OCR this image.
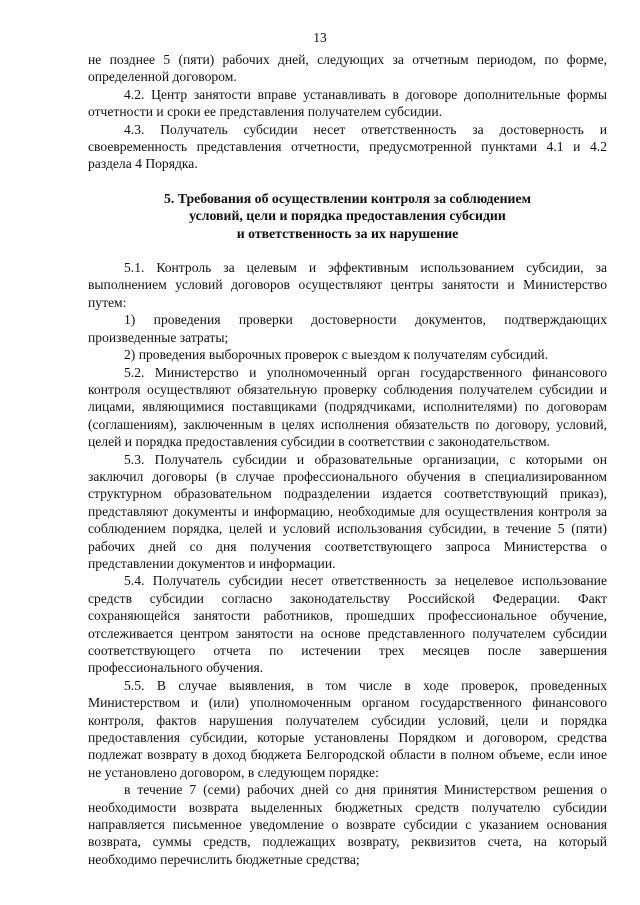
13

не позднее 5 (пяти) рабочих дней, следующих за отчетным периодом, по форме, определенной договором.

4.2. Центр занятости вправе устанавливать в договоре дополнительные формы отчетности и сроки ее представления получателем субсидии.

4.3. Получатель субсидии несет ответственность за достоверность и своевременность представления отчетности, предусмотренной пунктами 4.1 и 4.2 раздела 4 Порядка.

5. Требования об осуществлении контроля за соблюдением
условий, цели и порядка предоставления субсидии
и ответственность за их нарушение

5.1. Контроль за целевым и эффективным использованием субсидии, за выполнением условий договоров осуществляют центры занятости и Министерство путем:

1) проведения проверки достоверности документов, подтверждающих произведенные затраты;

2) проведения выборочных проверок с выездом к получателям субсидий.

5.2. Министерство и уполномоченный орган государственного финансового контроля осуществляют обязательную проверку соблюдения получателем субсидии и лицами, являющимися поставщиками (подрядчиками, исполнителями) по договорам (соглашениям), заключенным в целях исполнения обязательств по договору, условий, целей и порядка предоставления субсидии в соответствии с законодательством.

5.3. Получатель субсидии и образовательные организации, с которыми он заключил договоры (в случае профессионального обучения в специализированном структурном образовательном подразделении издается соответствующий приказ), представляют документы и информацию, необходимые для осуществления контроля за соблюдением порядка, целей и условий использования субсидии, в течение 5 (пяти) рабочих дней со дня получения соответствующего запроса Министерства о представлении документов и информации.

5.4. Получатель субсидии несет ответственность за нецелевое использование средств субсидии согласно законодательству Российской Федерации. Факт сохраняющейся занятости работников, прошедших профессиональное обучение, отслеживается центром занятости на основе представленного получателем субсидии соответствующего отчета по истечении трех месяцев после завершения профессионального обучения.

5.5. В случае выявления, в том числе в ходе проверок, проведенных Министерством и (или) уполномоченным органом государственного финансового контроля, фактов нарушения получателем субсидии условий, цели и порядка предоставления субсидии, которые установлены Порядком и договором, средства подлежат возврату в доход бюджета Белгородской области в полном объеме, если иное не установлено договором, в следующем порядке:

в течение 7 (семи) рабочих дней со дня принятия Министерством решения о необходимости возврата выделенных бюджетных средств получателю субсидии направляется письменное уведомление о возврате субсидии с указанием основания возврата, суммы средств, подлежащих возврату, реквизитов счета, на который необходимо перечислить бюджетные средства;
